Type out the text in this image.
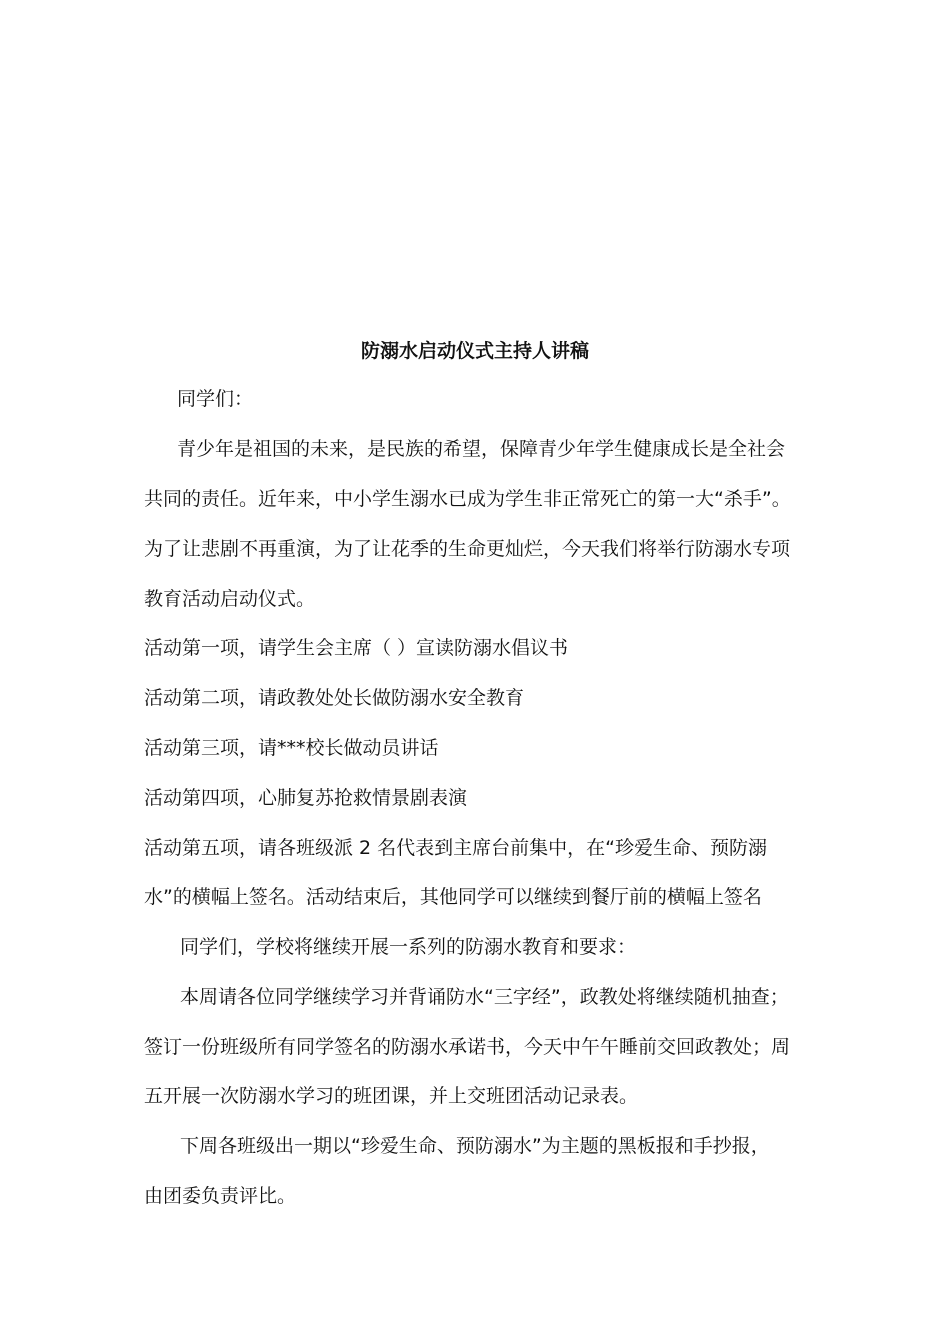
防溺水启动仪式主持人讲稿
同学们：
青少年是祖国的未来，是民族的希望，保障青少年学生健康成长是全社会
共同的责任。近年来，中小学生溺水已成为学生非正常死亡的第一大“杀手”。
为了让悲剧不再重演，为了让花季的生命更灿烂，今天我们将举行防溺水专项
教育活动启动仪式。
活动第一项，请学生会主席（ ）宣读防溺水倡议书
活动第二项，请政教处处长做防溺水安全教育
活动第三项，请***校长做动员讲话
活动第四项，心肺复苏抢救情景剧表演
活动第五项，请各班级派 2 名代表到主席台前集中，在“珍爱生命、预防溺
水”的横幅上签名。活动结束后，其他同学可以继续到餐厅前的横幅上签名
同学们，学校将继续开展一系列的防溺水教育和要求：
本周请各位同学继续学习并背诵防水“三字经”，政教处将继续随机抽查；
签订一份班级所有同学签名的防溺水承诺书，今天中午午睡前交回政教处；周
五开展一次防溺水学习的班团课，并上交班团活动记录表。
下周各班级出一期以“珍爱生命、预防溺水”为主题的黑板报和手抄报，
由团委负责评比。
